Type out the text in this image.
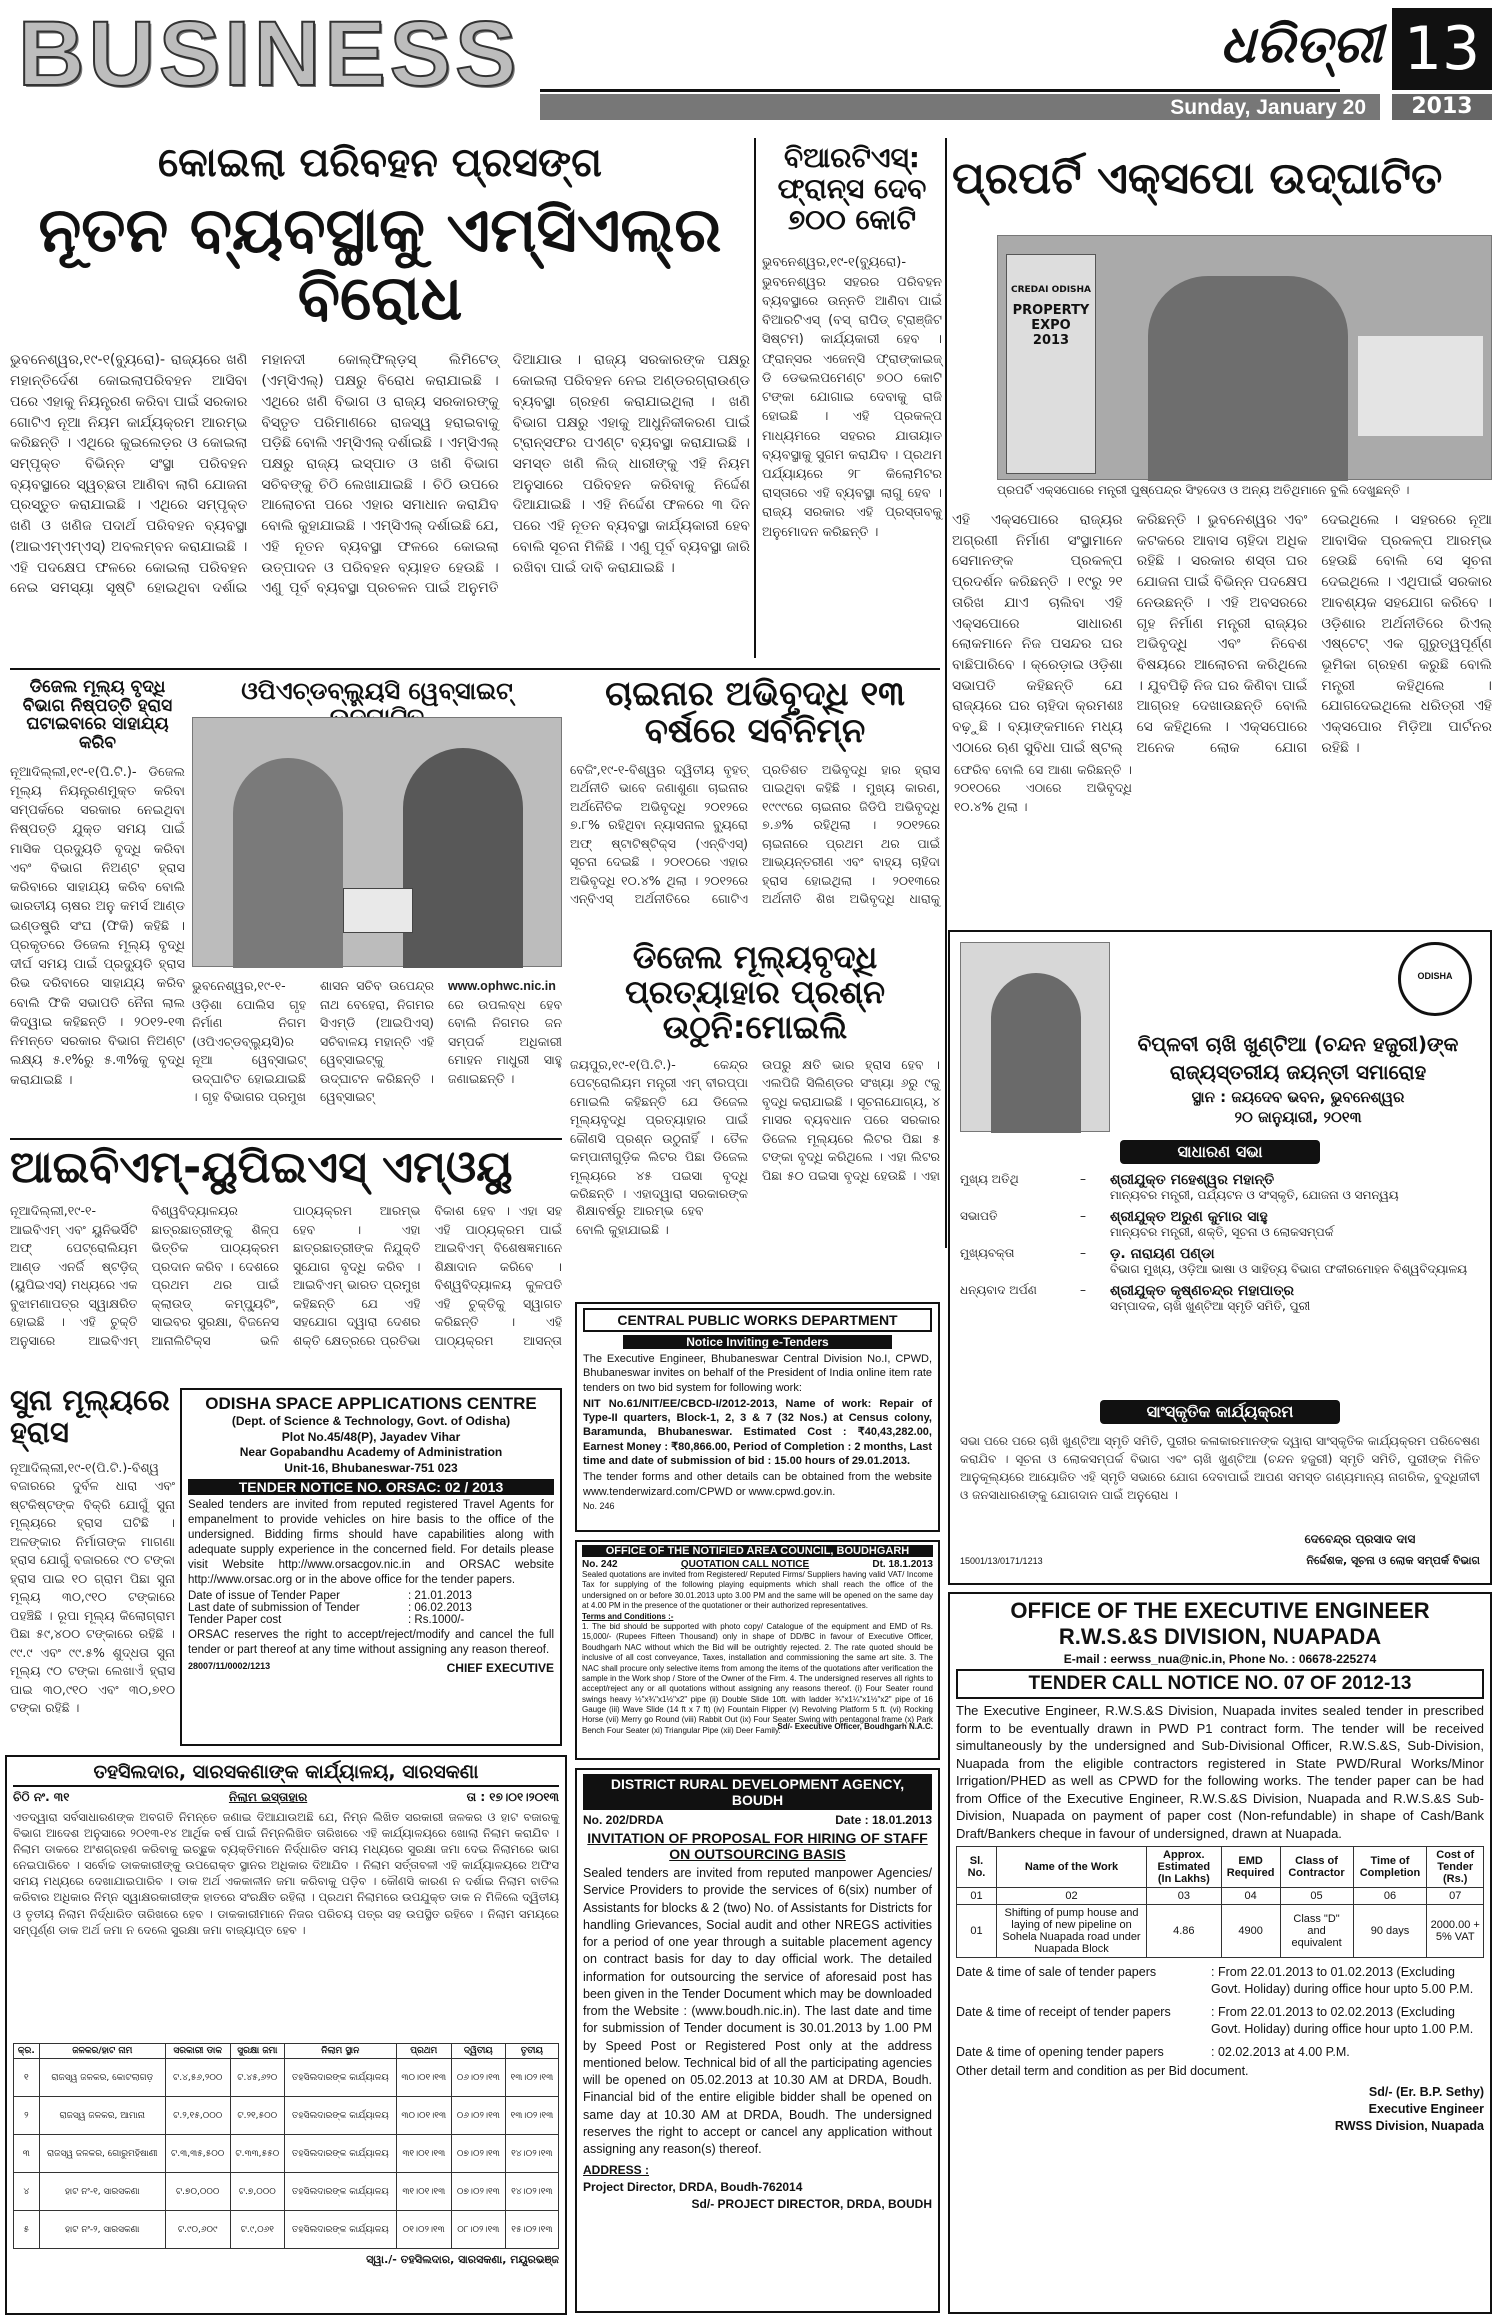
BUSINESS	ଧରିତ୍ରୀ 13
Sunday, January 20	2013
କୋଇଲା ପରିବହନ ପ୍ରସଙ୍ଗ
ନୂତନ ବ୍ୟବସ୍ଥାକୁ ଏମ୍‌ସିଏଲ୍‌ର ବିରୋଧ
ଭୁବନେଶ୍ୱର,୧୯-୧(ବ୍ୟୁରୋ)- ରାଜ୍ୟରେ ଖଣି ମହାନ୍ତିର୍ଦେଶ କୋଇଲାପରିବହନ ଆସିବା ପରେ ଏହାକୁ ନିୟନ୍ତ୍ରଣ କରିବା ପାଇଁ ସରକାର ଗୋଟିଏ ନୂଆ ନିୟମ କାର୍ଯ୍ୟକ୍ରମ ଆରମ୍ଭ କରିଛନ୍ତି । ଏଥିରେ କୁଇଲେଡ଼ର ଓ କୋଇଲା ସମ୍ପୃକ୍ତ ବିଭିନ୍ନ ସଂସ୍ଥା ପରିବହନ ବ୍ୟବସ୍ଥାରେ ସ୍ୱଚ୍ଛତା ଆଣିବା ଲାଗି ଯୋଜନା ପ୍ରସ୍ତୁତ କରାଯାଇଛି । ଏଥିରେ ସମ୍ପୃକ୍ତ ଖଣି ଓ ଖଣିଜ ପଦାର୍ଥ ପରିବହନ ବ୍ୟବସ୍ଥା (ଆଇଏମ୍‌ଏମ୍‌ଏସ୍) ଅବଲମ୍ବନ କରାଯାଇଛି । ଏହି ପଦକ୍ଷେପ ଫଳରେ କୋଇଲା ପରିବହନ ନେଇ ସମସ୍ୟା ସୃଷ୍ଟି ହୋଇଥିବା ଦର୍ଶାଇ ମହାନଦୀ କୋଲ୍‌ଫିଲ୍ଡ଼ସ୍ ଲିମିଟେଡ୍ (ଏମ୍‌ସିଏଲ୍) ପକ୍ଷରୁ ବିରୋଧ କରାଯାଇଛି । ଏଥିରେ ଖଣି ବିଭାଗ ଓ ରାଜ୍ୟ ସରକାରଙ୍କୁ ବିସ୍ତୃତ ପରିମାଣରେ ରାଜସ୍ୱ ହରାଇବାକୁ ପଡ଼ିଛି ବୋଲି ଏମ୍‌ସିଏଲ୍ ଦର୍ଶାଇଛି । ଏମ୍‌ସିଏଲ୍ ପକ୍ଷରୁ ରାଜ୍ୟ ଇସ୍ପାତ ଓ ଖଣି ବିଭାଗ ସଚିବଙ୍କୁ ଚିଠି ଲେଖାଯାଇଛି । ଚିଠି ଉପରେ ଆଲୋଚନା ପରେ ଏହାର ସମାଧାନ କରାଯିବ ବୋଲି କୁହାଯାଇଛି । ଏମ୍‌ସିଏଲ୍ ଦର୍ଶାଇଛି ଯେ, ଏହି ନୂତନ ବ୍ୟବସ୍ଥା ଫଳରେ କୋଇଲା ଉତ୍ପାଦନ ଓ ପରିବହନ ବ୍ୟାହତ ହେଉଛି । ଏଣୁ ପୂର୍ବ ବ୍ୟବସ୍ଥା ପ୍ରଚଳନ ପାଇଁ ଅନୁମତି ଦିଆଯାଉ । ରାଜ୍ୟ ସରକାରଙ୍କ ପକ୍ଷରୁ କୋଇଲା ପରିବହନ ନେଇ ଅଣ୍ଡରଗ୍ରାଉଣ୍ଡ ବ୍ୟବସ୍ଥା ଗ୍ରହଣ କରାଯାଇଥିଲା । ଖଣି ବିଭାଗ ପକ୍ଷରୁ ଏହାକୁ ଆଧୁନିକୀକରଣ ପାଇଁ ଟ୍ରାନ୍ସଫର ପଏଣ୍ଟ ବ୍ୟବସ୍ଥା କରାଯାଇଛି । ସମସ୍ତ ଖଣି ଲିଜ୍ ଧାରୀଙ୍କୁ ଏହି ନିୟମ ଅନୁସାରେ ପରିବହନ କରିବାକୁ ନିର୍ଦ୍ଦେଶ ଦିଆଯାଇଛି । ଏହି ନିର୍ଦ୍ଦେଶ ଫଳରେ ୩ ଦିନ ପରେ ଏହି ନୂତନ ବ୍ୟବସ୍ଥା କାର୍ଯ୍ୟକାରୀ ହେବ ବୋଲି ସୂଚନା ମିଳିଛି । ଏଣୁ ପୂର୍ବ ବ୍ୟବସ୍ଥା ଜାରି ରଖିବା ପାଇଁ ଦାବି କରାଯାଇଛି ।
ବିଆରଟିଏସ୍: ଫ୍ରାନ୍ସ ଦେବ ୭୦୦ କୋଟି
ଭୁବନେଶ୍ୱର,୧୯-୧(ବ୍ୟୁରୋ)- ଭୁବନେଶ୍ୱର ସହରର ପରିବହନ ବ୍ୟବସ୍ଥାରେ ଉନ୍ନତି ଆଣିବା ପାଇଁ ବିଆରଟିଏସ୍ (ବସ୍ ରାପିଡ୍ ଟ୍ରାଞ୍ଜିଟ ସିଷ୍ଟମ) କାର୍ଯ୍ୟକାରୀ ହେବ । ଫ୍ରାନ୍ସର ଏଜେନ୍ସି ଫ୍ରାଙ୍କାଇଜ୍ ଡି ଡେଭଲପମେଣ୍ଟ ୭୦୦ କୋଟି ଟଙ୍କା ଯୋଗାଇ ଦେବାକୁ ରାଜି ହୋଇଛି । ଏହି ପ୍ରକଳ୍ପ ମାଧ୍ୟମରେ ସହରର ଯାତାୟାତ ବ୍ୟବସ୍ଥାକୁ ସୁଗମ କରାଯିବ । ପ୍ରଥମ ପର୍ଯ୍ୟାୟରେ ୨୮ କିଲୋମିଟର ରାସ୍ତାରେ ଏହି ବ୍ୟବସ୍ଥା ଲାଗୁ ହେବ । ରାଜ୍ୟ ସରକାର ଏହି ପ୍ରସ୍ତାବକୁ ଅନୁମୋଦନ କରିଛନ୍ତି ।
ପ୍ରପର୍ଟି ଏକ୍ସପୋ ଉଦ୍‌ଘାଟିତ
CREDAI ODISHA
PROPERTY EXPO 2013
ପ୍ରପର୍ଟି ଏକ୍ସପୋରେ ମନ୍ତ୍ରୀ ପୁଷ୍ପେନ୍ଦ୍ର ସିଂହଦେଓ ଓ ଅନ୍ୟ ଅତିଥିମାନେ ବୁଲି ଦେଖୁଛନ୍ତି ।
ଏହି ଏକ୍ସପୋରେ ରାଜ୍ୟର ଅଗ୍ରଣୀ ନିର୍ମାଣ ସଂସ୍ଥାମାନେ ସେମାନଙ୍କ ପ୍ରକଳ୍ପ ପ୍ରଦର୍ଶନ କରିଛନ୍ତି । ୧୯ରୁ ୨୧ ତାରିଖ ଯାଏ ଚାଲିବା ଏହି ଏକ୍ସପୋରେ ସାଧାରଣ ଲୋକମାନେ ନିଜ ପସନ୍ଦର ଘର ବାଛିପାରିବେ । କ୍ରେଡ଼ାଇ ଓଡ଼ିଶା ସଭାପତି କହିଛନ୍ତି ଯେ ରାଜ୍ୟରେ ଘର ଚାହିଦା କ୍ରମଶଃ ବଢ଼ୁଛି । ବ୍ୟାଙ୍କମାନେ ମଧ୍ୟ ଏଠାରେ ଋଣ ସୁବିଧା ପାଇଁ ଷ୍ଟଲ୍ କରିଛନ୍ତି । ଭୁବନେଶ୍ୱର ଏବଂ କଟକରେ ଆବାସ ଚାହିଦା ଅଧିକ ରହିଛି । ସରକାର ଶସ୍ତା ଘର ଯୋଜନା ପାଇଁ ବିଭିନ୍ନ ପଦକ୍ଷେପ ନେଉଛନ୍ତି । ଏହି ଅବସରରେ ଗୃହ ନିର୍ମାଣ ମନ୍ତ୍ରୀ ରାଜ୍ୟର ଅଭିବୃଦ୍ଧି ଏବଂ ନିବେଶ ବିଷୟରେ ଆଲୋଚନା କରିଥିଲେ । ଯୁବପିଢ଼ି ନିଜ ଘର କିଣିବା ପାଇଁ ଆଗ୍ରହ ଦେଖାଉଛନ୍ତି ବୋଲି ସେ କହିଥିଲେ । ଏକ୍ସପୋରେ ଅନେକ ଲୋକ ଯୋଗ ଦେଇଥିଲେ । ସହରରେ ନୂଆ ଆବାସିକ ପ୍ରକଳ୍ପ ଆରମ୍ଭ ହେଉଛି ବୋଲି ସେ ସୂଚନା ଦେଇଥିଲେ । ଏଥିପାଇଁ ସରକାର ଆବଶ୍ୟକ ସହଯୋଗ କରିବେ । ଓଡ଼ିଶାର ଅର୍ଥନୀତିରେ ରିଏଲ୍ ଏଷ୍ଟେଟ୍ ଏକ ଗୁରୁତ୍ୱପୂର୍ଣ୍ଣ ଭୂମିକା ଗ୍ରହଣ କରୁଛି ବୋଲି ମନ୍ତ୍ରୀ କହିଥିଲେ । ଯୋଗଦେଇଥିଲେ ଧରିତ୍ରୀ ଏହି ଏକ୍ସପୋର ମିଡ଼ିଆ ପାର୍ଟନର ରହିଛି ।
ଡିଜେଲ ମୂଲ୍ୟ ବୃଦ୍ଧି ବିଭାଗ ନିଷ୍ପତ୍ତି ହ୍ରାସ ଘଟାଇବାରେ ସାହାଯ୍ୟ କରିବ
ନୂଆଦିଲ୍ଲୀ,୧୯-୧(ପି.ଟି.)- ଡିଜେଲ ମୂଲ୍ୟ ନିୟନ୍ତ୍ରଣମୁକ୍ତ କରିବା ସମ୍ପର୍କରେ ସରକାର ନେଇଥିବା ନିଷ୍ପତ୍ତି ଯୁକ୍ତ ସମୟ ପାଇଁ ମାସିକ ପ୍ରଦ୍ୟୁତି ବୃଦ୍ଧି କରିବା ଏବଂ ବିଭାଗ ନିଅଣ୍ଟ ହ୍ରାସ କରିବାରେ ସାହାଯ୍ୟ କରିବ ବୋଲି ଭାରତୀୟ ଚାଷର ଅନୁ କମର୍ସ ଆଣ୍ଡ ଇଣ୍ଡଷ୍ଟ୍ରି ସଂଘ (ଫିକି) କହିଛି । ପ୍ରକୃତରେ ଡିଜେଲ ମୂଲ୍ୟ ବୃଦ୍ଧି ଦୀର୍ଘ ସମୟ ପାଇଁ ପ୍ରଦ୍ୟୁତି ହ୍ରାସ ରିଭ ଦରିବାରେ ସାହାଯ୍ୟ କରିବ ବୋଲି ଫିକି ସଭାପତି ନୈନା ଲାଲ କିଦ୍ୱାଇ କହିଛନ୍ତି । ୨୦୧୨-୧୩ ନିମନ୍ତେ ସରକାର ବିଭାଗ ନିଅଣ୍ଟ ଲକ୍ଷ୍ୟ ୫.୧%ରୁ ୫.୩%କୁ ବୃଦ୍ଧି କରାଯାଇଛି ।
ଓପିଏଚ୍‌ଡବ୍ଲ୍ୟୁସି ୱେବ୍‌ସାଇଟ୍
ଭୁବନେଶ୍ୱର,୧୯-୧-ଓଡ଼ିଶା ପୋଲିସ ଗୃହ ନିର୍ମାଣ ନିଗମ (ଓପିଏଚ୍‌ଡବ୍ଲ୍ୟୁସି)ର ନୂଆ ୱେବ୍‌ସାଇଟ୍ ଉଦ୍‌ଘାଟିତ ହୋଇଯାଇଛି । ଗୃହ ବିଭାଗର ପ୍ରମୁଖ ଶାସନ ସଚିବ ଉପେନ୍ଦ୍ର ନାଥ ବେହେରା, ନିଗମର ସିଏମ୍‌ଡି (ଆଇପିଏସ୍) ସଚିବାଳୟ ମହାନ୍ତି ଏହି ୱେବ୍‌ସାଇଟ୍‌କୁ ଉଦ୍‌ଘାଟନ କରିଛନ୍ତି । ୱେବ୍‌ସାଇଟ୍ www.ophwc.nic.in ରେ ଉପଲବ୍ଧ ହେବ ବୋଲି ନିଗମର ଜନ ସମ୍ପର୍କ ଅଧିକାରୀ ମୋହନ ମାଧୁରୀ ସାହୁ ଜଣାଇଛନ୍ତି ।
ଚାଇନାର ଅଭିବୃଦ୍ଧି ୧୩ ବର୍ଷରେ ସର୍ବନିମ୍ନ
ବେଜିଂ,୧୯-୧-ବିଶ୍ୱର ଦ୍ୱିତୀୟ ବୃହତ୍ ଅର୍ଥନୀତି ଭାବେ ଜଣାଶୁଣା ଚାଇନାର ଅର୍ଥନୈତିକ ଅଭିବୃଦ୍ଧି ୨୦୧୨ରେ ୭.୮% ରହିଥିବା ନ୍ୟାସନାଲ ବ୍ୟୁରୋ ଅଫ୍ ଷ୍ଟାଟିଷ୍ଟିକ୍ସ (ଏନ୍‌ବିଏସ୍) ସୂଚନା ଦେଇଛି । ୨୦୧୦ରେ ଏହାର ଅଭିବୃଦ୍ଧି ୧୦.୪% ଥିଲା । ୨୦୧୨ରେ ଏନ୍‌ବିଏସ୍ ଅର୍ଥନୀତିରେ ଗୋଟିଏ ପ୍ରତିଶତ ଅଭିବୃଦ୍ଧି ହାର ହ୍ରାସ ପାଇଥିବା କହିଛି । ମୁଖ୍ୟ କାରଣ, ୧୯୯୯ରେ ଚାଇନାର ଜିଡିପି ଅଭିବୃଦ୍ଧି ୭.୬% ରହିଥିଲା । ୨୦୧୨ରେ ଚାଇନାରେ ପ୍ରଥମ ଥର ପାଇଁ ଆଭ୍ୟନ୍ତରୀଣ ଏବଂ ବାହ୍ୟ ଚାହିଦା ହ୍ରାସ ହୋଇଥିଲା । ୨୦୧୩ରେ ଅର୍ଥନୀତି ଶିଖ ଅଭିବୃଦ୍ଧି ଧାରାକୁ ଫେରିବ ବୋଲି ସେ ଆଶା କରିଛନ୍ତି । ୨୦୧୦ରେ ଏଠାରେ ଅଭିବୃଦ୍ଧି ୧୦.୪% ଥିଲା ।
ଡିଜେଲ ମୂଲ୍ୟବୃଦ୍ଧି ପ୍ରତ୍ୟାହାର ପ୍ରଶ୍ନ ଉଠୁନି:ମୋଇଲି
ଜୟପୁର,୧୯-୧(ପି.ଟି.)- କେନ୍ଦ୍ର ପେଟ୍ରୋଲିୟମ ମନ୍ତ୍ରୀ ଏମ୍ ବୀରପ୍ପା ମୋଇଲି କହିଛନ୍ତି ଯେ ଡିଜେଲ ମୂଲ୍ୟବୃଦ୍ଧି ପ୍ରତ୍ୟାହାର ପାଇଁ କୌଣସି ପ୍ରଶ୍ନ ଉଠୁନାହିଁ । ତୈଳ କମ୍ପାନୀଗୁଡ଼ିକ ଲିଟର ପିଛା ଡିଜେଲ ମୂଲ୍ୟରେ ୪୫ ପଇସା ବୃଦ୍ଧି କରିଛନ୍ତି । ଏହାଦ୍ୱାରା ସରକାରଙ୍କ ଉପରୁ କ୍ଷତି ଭାର ହ୍ରାସ ହେବ । ଏଲପିଜି ସିଲିଣ୍ଡର ସଂଖ୍ୟା ୬ରୁ ୯କୁ ବୃଦ୍ଧି କରାଯାଇଛି । ସୂଚନାଯୋଗ୍ୟ, ୪ ମାସର ବ୍ୟବଧାନ ପରେ ସରକାର ଡିଜେଲ ମୂଲ୍ୟରେ ଲିଟର ପିଛା ୫ ଟଙ୍କା ବୃଦ୍ଧି କରିଥିଲେ । ଏହା ଲିଟର ପିଛା ୫୦ ପଇସା ବୃଦ୍ଧି ହେଉଛି । ଏହା
ଆଇବିଏମ୍-ୟୁପିଇଏସ୍ ଏମ୍‌ଓୟୁ
ନୂଆଦିଲ୍ଲୀ,୧୯-୧-ଆଇବିଏମ୍ ଏବଂ ୟୁନିଭର୍ସିଟି ଅଫ୍ ପେଟ୍ରୋଲିୟମ ଆଣ୍ଡ ଏନର୍ଜି ଷ୍ଟଡ଼ିଜ୍ (ୟୁପିଇଏସ୍) ମଧ୍ୟରେ ଏକ ବୁଝାମଣାପତ୍ର ସ୍ୱାକ୍ଷରିତ ହୋଇଛି । ଏହି ଚୁକ୍ତି ଅନୁସାରେ ଆଇବିଏମ୍ ବିଶ୍ୱବିଦ୍ୟାଳୟର ଛାତ୍ରଛାତ୍ରୀଙ୍କୁ ଶିଳ୍ପ ଭିତ୍ତିକ ପାଠ୍ୟକ୍ରମ ପ୍ରଦାନ କରିବ । ଦେଶରେ ପ୍ରଥମ ଥର ପାଇଁ କ୍ଲାଉଡ୍ କମ୍ପ୍ୟୁଟିଂ, ସାଇବର ସୁରକ୍ଷା, ବିଜନେସ ଆନାଲିଟିକ୍ସ ଭଳି ପାଠ୍ୟକ୍ରମ ଆରମ୍ଭ ହେବ । ଏହା ଛାତ୍ରଛାତ୍ରୀଙ୍କ ନିଯୁକ୍ତି ସୁଯୋଗ ବୃଦ୍ଧି କରିବ । ଆଇବିଏମ୍ ଭାରତ ପ୍ରମୁଖ କହିଛନ୍ତି ଯେ ଏହି ସହଯୋଗ ଦ୍ୱାରା ଦେଶର ଶକ୍ତି କ୍ଷେତ୍ରରେ ପ୍ରତିଭା ବିକାଶ ହେବ । ଏହା ସହ ଏହି ପାଠ୍ୟକ୍ରମ ପାଇଁ ଆଇବିଏମ୍ ବିଶେଷଜ୍ଞମାନେ ଶିକ୍ଷାଦାନ କରିବେ । ବିଶ୍ୱବିଦ୍ୟାଳୟ କୁଳପତି ଏହି ଚୁକ୍ତିକୁ ସ୍ୱାଗତ କରିଛନ୍ତି । ଏହି ପାଠ୍ୟକ୍ରମ ଆସନ୍ତା ଶିକ୍ଷାବର୍ଷରୁ ଆରମ୍ଭ ହେବ ବୋଲି କୁହାଯାଇଛି ।
ସୁନା ମୂଲ୍ୟରେ ହ୍ରାସ
ନୂଆଦିଲ୍ଲୀ,୧୯-୧(ପି.ଟି.)-ବିଶ୍ୱ ବଜାରରେ ଦୁର୍ବଳ ଧାରା ଏବଂ ଷ୍ଟକିଷ୍ଟଙ୍କ ବିକ୍ରି ଯୋଗୁଁ ସୁନା ମୂଲ୍ୟରେ ହ୍ରାସ ଘଟିଛି । ଅଳଙ୍କାର ନିର୍ମାତାଙ୍କ ମାଗଣା ହ୍ରାସ ଯୋଗୁଁ ବଜାରରେ ୯୦ ଟଙ୍କା ହ୍ରାସ ପାଇ ୧୦ ଗ୍ରାମ ପିଛା ସୁନା ମୂଲ୍ୟ ୩୦,୯୧୦ ଟଙ୍କାରେ ପହଞ୍ଚିଛି । ରୂପା ମୂଲ୍ୟ କିଲୋଗ୍ରାମ ପିଛା ୫୯,୪୦୦ ଟଙ୍କାରେ ରହିଛି । ୯୯.୯ ଏବଂ ୯୯.୫% ଶୁଦ୍ଧତା ସୁନା ମୂଲ୍ୟ ୯୦ ଟଙ୍କା ଲେଖାଏଁ ହ୍ରାସ ପାଇ ୩୦,୯୧୦ ଏବଂ ୩୦,୭୧୦ ଟଙ୍କା ରହିଛି ।
ODISHA SPACE APPLICATIONS CENTRE
(Dept. of Science & Technology, Govt. of Odisha)
Plot No.45/48(P), Jayadev Vihar
Near Gopabandhu Academy of Administration
Unit-16, Bhubaneswar-751 023
TENDER NOTICE NO. ORSAC: 02 / 2013
Sealed tenders are invited from reputed registered Travel Agents for empanelment to provide vehicles on hire basis to the office of the undersigned. Bidding firms should have capabilities along with adequate supply experience in the concerned field. For details please visit Website http://www.orsacgov.nic.in and ORSAC website http://www.orsac.org or in the above office for the tender papers.
Date of issue of Tender Paper	: 21.01.2013
Last date of submission of Tender	: 06.02.2013
Tender Paper cost	: Rs.1000/-
ORSAC reserves the right to accept/reject/modify and cancel the full tender or part thereof at any time without assigning any reason thereof.
28007/11/0002/1213	CHIEF EXECUTIVE
CENTRAL PUBLIC WORKS DEPARTMENT
Notice Inviting e-Tenders
The Executive Engineer, Bhubaneswar Central Division No.I, CPWD, Bhubaneswar invites on behalf of the President of India online item rate tenders on two bid system for following work:
NIT No.61/NIT/EE/CBCD-I/2012-2013, Name of work: Repair of Type-II quarters, Block-1, 2, 3 & 7 (32 Nos.) at Census colony, Baramunda, Bhubaneswar. Estimated Cost : ₹40,43,282.00, Earnest Money : ₹80,866.00, Period of Completion : 2 months, Last time and date of submission of bid : 15.00 hours of 29.01.2013.
The tender forms and other details can be obtained from the website www.tenderwizard.com/CPWD or www.cpwd.gov.in.
No. 246
OFFICE OF THE NOTIFIED AREA COUNCIL, BOUDHGARH
No. 242	QUOTATION CALL NOTICE	Dt. 18.1.2013
Sealed quotations are invited from Registered/ Reputed Firms/ Suppliers having valid VAT/ Income Tax for supplying of the following playing equipments which shall reach the office of the undersigned on or before 30.01.2013 upto 3.00 PM and the same will be opened on the same day at 4.00 PM in the presence of the quotationer or their authorized representatives.
Terms and Conditions :-
1. The bid should be supported with photo copy/ Catalogue of the equipment and EMD of Rs. 15,000/- (Rupees Fifteen Thousand) only in shape of DD/BC in favour of Executive Officer, Boudhgarh NAC without which the Bid will be outrightly rejected. 2. The rate quoted should be inclusive of all cost conveyance, Taxes, installation and commissioning the same art site. 3. The NAC shall procure only selective items from among the items of the quotations after verification the sample in the Work shop / Store of the Owner of the Firm. 4. The undersigned reserves all rights to accept/reject any or all quotations without assigning any reasons thereof. (i) Four Seater round swings heavy ½"x¾"x1½"x2" pipe (ii) Double Slide 10ft. with ladder ¾"x1¼"x1½"x2" pipe of 16 Gauge (iii) Wave Slide (14 ft x 7 ft) (iv) Fountain Flipper (v) Revolving Platform 5 ft. (vi) Rocking Horse (vii) Merry go Round (viii) Rabbit Out (ix) Four Seater Swing with pentagonal frame (x) Park Bench Four Seater (xi) Triangular Pipe (xii) Deer Family.
Sd/- Executive Officer, Boudhgarh N.A.C.
DISTRICT RURAL DEVELOPMENT AGENCY, BOUDH
No. 202/DRDA	Date : 18.01.2013
INVITATION OF PROPOSAL FOR HIRING OF STAFF ON OUTSOURCING BASIS
Sealed tenders are invited from reputed manpower Agencies/ Service Providers to provide the services of 6(six) number of Assistants for blocks & 2 (two) No. of Assistants for Districts for handling Grievances, Social audit and other NREGS activities for a period of one year through a suitable placement agency on contract basis for day to day official work. The detailed information for outsourcing the service of aforesaid post has been given in the Tender Document which may be downloaded from the Website : (www.boudh.nic.in). The last date and time for submission of Tender document is 30.01.2013 by 1.00 PM by Speed Post or Registered Post only at the address mentioned below. Technical bid of all the participating agencies will be opened on 05.02.2013 at 10.30 AM at DRDA, Boudh. Financial bid of the entire eligible bidder shall be opened on same day at 10.30 AM at DRDA, Boudh. The undersigned reserves the right to accept or cancel any application without assigning any reason(s) thereof.
ADDRESS :
Project Director, DRDA, Boudh-762014
Sd/- PROJECT DIRECTOR, DRDA, BOUDH
ତହସିଲଦାର, ସାରସକଣାଙ୍କ କାର୍ଯ୍ୟାଳୟ, ସାରସକଣା
ଚିଠି ନଂ. ୩୧	ନିଲାମ ଇସ୍ତାହାର	ତା : ୧୭।୦୧।୨୦୧୩
ଏତଦ୍ୱାରା ସର୍ବସାଧାରଣଙ୍କ ଅବଗତି ନିମନ୍ତେ ଜଣାଇ ଦିଆଯାଉଅଛି ଯେ, ନିମ୍ନ ଲିଖିତ ସରକାରୀ ଜଳକର ଓ ହାଟ ବଜାରକୁ ବିଭାଗ ଆଦେଶ ଅନୁସାରେ ୨୦୧୩-୧୪ ଆର୍ଥିକ ବର୍ଷ ପାଇଁ ନିମ୍ନଲିଖିତ ତାରିଖରେ ଏହି କାର୍ଯ୍ୟାଳୟରେ ଖୋଲା ନିଲାମ କରାଯିବ । ନିଲାମ ଡାକରେ ଅଂଶଗ୍ରହଣ କରିବାକୁ ଇଚ୍ଛୁକ ବ୍ୟକ୍ତିମାନେ ନିର୍ଦ୍ଧାରିତ ସମୟ ମଧ୍ୟରେ ସୁରକ୍ଷା ଜମା ଦେଇ ନିଲାମରେ ଭାଗ ନେଇପାରିବେ । ସର୍ବୋଚ୍ଚ ଡାକକାରୀଙ୍କୁ ଉପରୋକ୍ତ ସ୍ଥାନର ଅଧିକାର ଦିଆଯିବ । ନିଲାମ ସର୍ତ୍ତାବଳୀ ଏହି କାର୍ଯ୍ୟାଳୟରେ ଅଫିସ ସମୟ ମଧ୍ୟରେ ଦେଖାଯାଇପାରିବ । ଡାକ ଅର୍ଥ ଏକକାଳୀନ ଜମା କରିବାକୁ ପଡ଼ିବ । କୌଣସି କାରଣ ନ ଦର୍ଶାଇ ନିଲାମ ବାତିଲ କରିବାର ଅଧିକାର ନିମ୍ନ ସ୍ୱାକ୍ଷରକାରୀଙ୍କ ହାତରେ ସଂରକ୍ଷିତ ରହିଲା । ପ୍ରଥମ ନିଲାମରେ ଉପଯୁକ୍ତ ଡାକ ନ ମିଳିଲେ ଦ୍ୱିତୀୟ ଓ ତୃତୀୟ ନିଲାମ ନିର୍ଦ୍ଧାରିତ ତାରିଖରେ ହେବ । ଡାକକାରୀମାନେ ନିଜର ପରିଚୟ ପତ୍ର ସହ ଉପସ୍ଥିତ ରହିବେ । ନିଲାମ ସମୟରେ ସମ୍ପୂର୍ଣ୍ଣ ଡାକ ଅର୍ଥ ଜମା ନ ଦେଲେ ସୁରକ୍ଷା ଜମା ବାଜ୍ୟାପ୍ତ ହେବ ।
କ୍ର.	ଜଳକର/ହାଟ ନାମ	ସରକାରୀ ଡାକ	ସୁରକ୍ଷା ଜମା	ନିଲାମ ସ୍ଥାନ	ପ୍ରଥମ	ଦ୍ୱିତୀୟ	ତୃତୀୟ
୧	ରାଜସ୍ୱ ଜଳକର, କୋଟଲାଗଡ଼	ଟ.୪,୫୬,୨୦୦	ଟ.୪୫,୬୨୦	ତହସିଲଦାରଙ୍କ କାର୍ଯ୍ୟାଳୟ	୩୦।୦୧।୧୩	୦୬।୦୨।୧୩	୧୩।୦୨।୧୩
୨	ରାଜସ୍ୱ ଜଳକର, ଆମାନା	ଟ.୨,୧୫,୦୦୦	ଟ.୨୧,୫୦୦	ତହସିଲଦାରଙ୍କ କାର୍ଯ୍ୟାଳୟ	୩୦।୦୧।୧୩	୦୬।୦୨।୧୩	୧୩।୦୨।୧୩
୩	ରାଜସ୍ୱ ଜଳକର, ଗୋରୁମହିଷାଣୀ	ଟ.୩,୩୫,୫୦୦	ଟ.୩୩,୫୫୦	ତହସିଲଦାରଙ୍କ କାର୍ଯ୍ୟାଳୟ	୩୧।୦୧।୧୩	୦୭।୦୨।୧୩	୧୪।୦୨।୧୩
୪	ହାଟ ନଂ-୧, ସାରସକଣା	ଟ.୭୦,୦୦୦	ଟ.୭,୦୦୦	ତହସିଲଦାରଙ୍କ କାର୍ଯ୍ୟାଳୟ	୩୧।୦୧।୧୩	୦୭।୦୨।୧୩	୧୪।୦୨।୧୩
୫	ହାଟ ନଂ-୨, ସାରସକଣା	ଟ.୯୦,୬୦୯	ଟ.୯,୦୬୧	ତହସିଲଦାରଙ୍କ କାର୍ଯ୍ୟାଳୟ	୦୧।୦୨।୧୩	୦୮।୦୨।୧୩	୧୫।୦୨।୧୩
ସ୍ୱା./- ତହସିଲଦାର, ସାରସକଣା, ମୟୂରଭଞ୍ଜ
ODISHA
ବିପ୍ଳବୀ ଚାଖି ଖୁଣ୍ଟିଆ (ଚନ୍ଦନ ହଜୁରୀ)ଙ୍କ
ରାଜ୍ୟସ୍ତରୀୟ ଜୟନ୍ତୀ ସମାରୋହ
ସ୍ଥାନ : ଜୟଦେବ ଭବନ, ଭୁବନେଶ୍ୱର
୨୦ ଜାନୁୟାରୀ, ୨୦୧୩
ସାଧାରଣ ସଭା
ମୁଖ୍ୟ ଅତିଥି	–	ଶ୍ରୀଯୁକ୍ତ ମହେଶ୍ୱର ମହାନ୍ତି
ମାନ୍ୟବର ମନ୍ତ୍ରୀ, ପର୍ଯ୍ୟଟନ ଓ ସଂସ୍କୃତି, ଯୋଜନା ଓ ସମନ୍ୱୟ
ସଭାପତି	–	ଶ୍ରୀଯୁକ୍ତ ଅରୁଣ କୁମାର ସାହୁ
ମାନ୍ୟବର ମନ୍ତ୍ରୀ, ଶକ୍ତି, ସୂଚନା ଓ ଲୋକସମ୍ପର୍କ
ମୁଖ୍ୟବକ୍ତା	–	ଡ଼. ନାରାୟଣ ପଣ୍ଡା
ବିଭାଗ ମୁଖ୍ୟ, ଓଡ଼ିଆ ଭାଷା ଓ ସାହିତ୍ୟ ବିଭାଗ ଫକୀରମୋହନ ବିଶ୍ୱବିଦ୍ୟାଳୟ
ଧନ୍ୟବାଦ ଅର୍ପଣ	–	ଶ୍ରୀଯୁକ୍ତ କୃଷ୍ଣଚନ୍ଦ୍ର ମହାପାତ୍ର
ସମ୍ପାଦକ, ଚାଖି ଖୁଣ୍ଟିଆ ସ୍ମୃତି ସମିତି, ପୁରୀ
ସାଂସ୍କୃତିକ କାର୍ଯ୍ୟକ୍ରମ
ସଭା ପରେ ପରେ ଚାଖି ଖୁଣ୍ଟିଆ ସ୍ମୃତି ସମିତି, ପୁରୀର କଳାକାରମାନଙ୍କ ଦ୍ୱାରା ସାଂସ୍କୃତିକ କାର୍ଯ୍ୟକ୍ରମ ପରିବେଷଣ କରାଯିବ । ସୂଚନା ଓ ଲୋକସମ୍ପର୍କ ବିଭାଗ ଏବଂ ଚାଖି ଖୁଣ୍ଟିଆ (ଚନ୍ଦନ ହଜୁରୀ) ସ୍ମୃତି ସମିତି, ପୁରୀଙ୍କ ମିଳିତ ଆନୁକୂଲ୍ୟରେ ଆୟୋଜିତ ଏହି ସ୍ମୃତି ସଭାରେ ଯୋଗ ଦେବାପାଇଁ ଆପଣ ସମସ୍ତ ଗଣ୍ୟମାନ୍ୟ ନାଗରିକ, ବୁଦ୍ଧିଜୀବୀ ଓ ଜନସାଧାରଣଙ୍କୁ ଯୋଗଦାନ ପାଇଁ ଅନୁରୋଧ ।
ଦେବେନ୍ଦ୍ର ପ୍ରସାଦ ଦାସ
15001/13/0171/1213	ନିର୍ଦ୍ଦେଶକ, ସୂଚନା ଓ ଲୋକ ସମ୍ପର୍କ ବିଭାଗ
OFFICE OF THE EXECUTIVE ENGINEER
R.W.S.&S DIVISION, NUAPADA
E-mail : eerwss_nua@nic.in, Phone No. : 06678-225274
TENDER CALL NOTICE NO. 07 OF 2012-13
The Executive Engineer, R.W.S.&S Division, Nuapada invites sealed tender in prescribed form to be eventually drawn in PWD P1 contract form. The tender will be received simultaneously by the undersigned and Sub-Divisional Officer, R.W.S.&S, Sub-Division, Nuapada from the eligible contractors registered in State PWD/Rural Works/Minor Irrigation/PHED as well as CPWD for the following works. The tender paper can be had from Office of the Executive Engineer, R.W.S.&S Division, Nuapada and R.W.S.&S Sub-Division, Nuapada on payment of paper cost (Non-refundable) in shape of Cash/Bank Draft/Bankers cheque in favour of undersigned, drawn at Nuapada.
Sl. No.	Name of the Work	Approx. Estimated (In Lakhs)	EMD Required	Class of Contractor	Time of Completion	Cost of Tender (Rs.)
01	02	03	04	05	06	07
01	Shifting of pump house and laying of new pipeline on Sohela Nuapada road under Nuapada Block	4.86	4900	Class "D" and equivalent	90 days	2000.00 + 5% VAT
Date & time of sale of tender papers	: From 22.01.2013 to 01.02.2013 (Excluding Govt. Holiday) during office hour upto 5.00 P.M.
Date & time of receipt of tender papers	: From 22.01.2013 to 02.02.2013 (Excluding Govt. Holiday) during office hour upto 1.00 P.M.
Date & time of opening tender papers	: 02.02.2013 at 4.00 P.M.
Other detail term and condition as per Bid document.
Sd/- (Er. B.P. Sethy)
Executive Engineer
RWSS Division, Nuapada
